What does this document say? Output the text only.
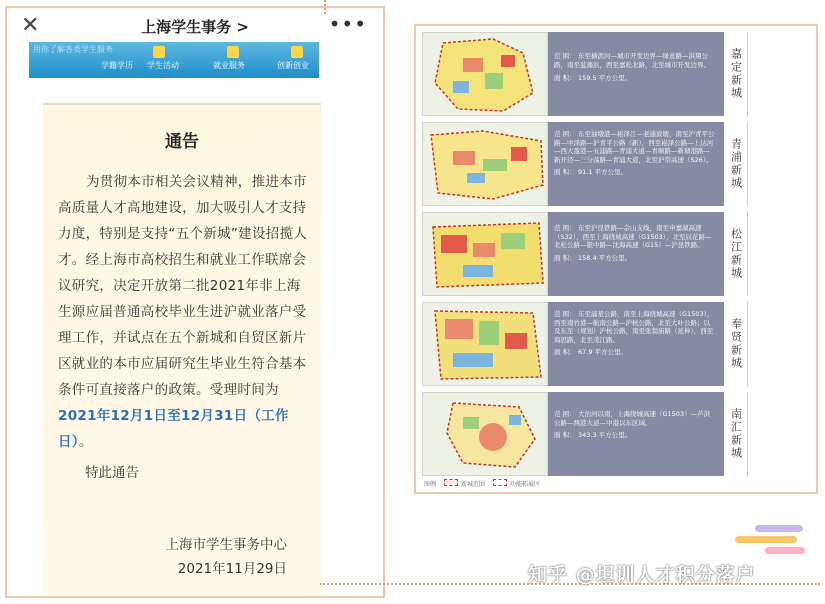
✕	上海学生事务 >	•••
用你了解各类学生服务
学籍学历 学生活动	就业服务	创新创业
通告
为贯彻本市相关会议精神，推进本市高质量人才高地建设，加大吸引人才支持力度，特别是支持“五个新城”建设招揽人才。经上海市高校招生和就业工作联席会议研究，决定开放第二批2021年非上海生源应届普通高校毕业生进沪就业落户受理工作，并试点在五个新城和自贸区新片区就业的本市应届研究生毕业生符合基本条件可直接落户的政策。受理时间为2021年12月1日至12月31日（工作日）。
特此通告
上海市学生事务中心
2021年11月29日
范 围： 东至横沥河—城市开发边界—绿意路—洪翔公路，南至蕰藻浜，西至嘉松北路，北至城市开发边界。
面 积： 159.5 平方公里。	嘉定新城
范 围： 东至油墩港—崧泽江—老通波塘，南至沪青平公路—中泽路—沪青平公路（新），西至崧泽公路—上达河—西大盈港—五浦路—青浦大道—青顺路—新塘港路—新开泾—三分荡路—青浦大道，北至沪常高速（S26）。
面 积： 91.1 平方公里。	青浦新城
范 围： 东至沪昆铁路—佘山支线，南至申嘉湖高速（S32），西至上海绕城高速（G1503），北至辰花路—北松公路—银中路—沈海高速（G15）—沪昆铁路。
面 积： 158.4 平方公里。	松江新城
范 围： 东至浦星公路，南至上海绕城高速（G1503），西至南竹港—航南公路—沪杭公路，北至大叶公路；以及东至（规划）沪杭公路，南至张翁庙路（延伸），西至海思路，北至茂江路。
面 积： 67.9 平方公里。	奉贤新城
范 围： 大治河以南，上海绕城高速（G1503）—芦洪公路—两港大道—中港以东区域。
面 积： 343.3 平方公里。	南汇新城
图例	新城范围	功能拓展区
知乎 @坦训人才积分落户
